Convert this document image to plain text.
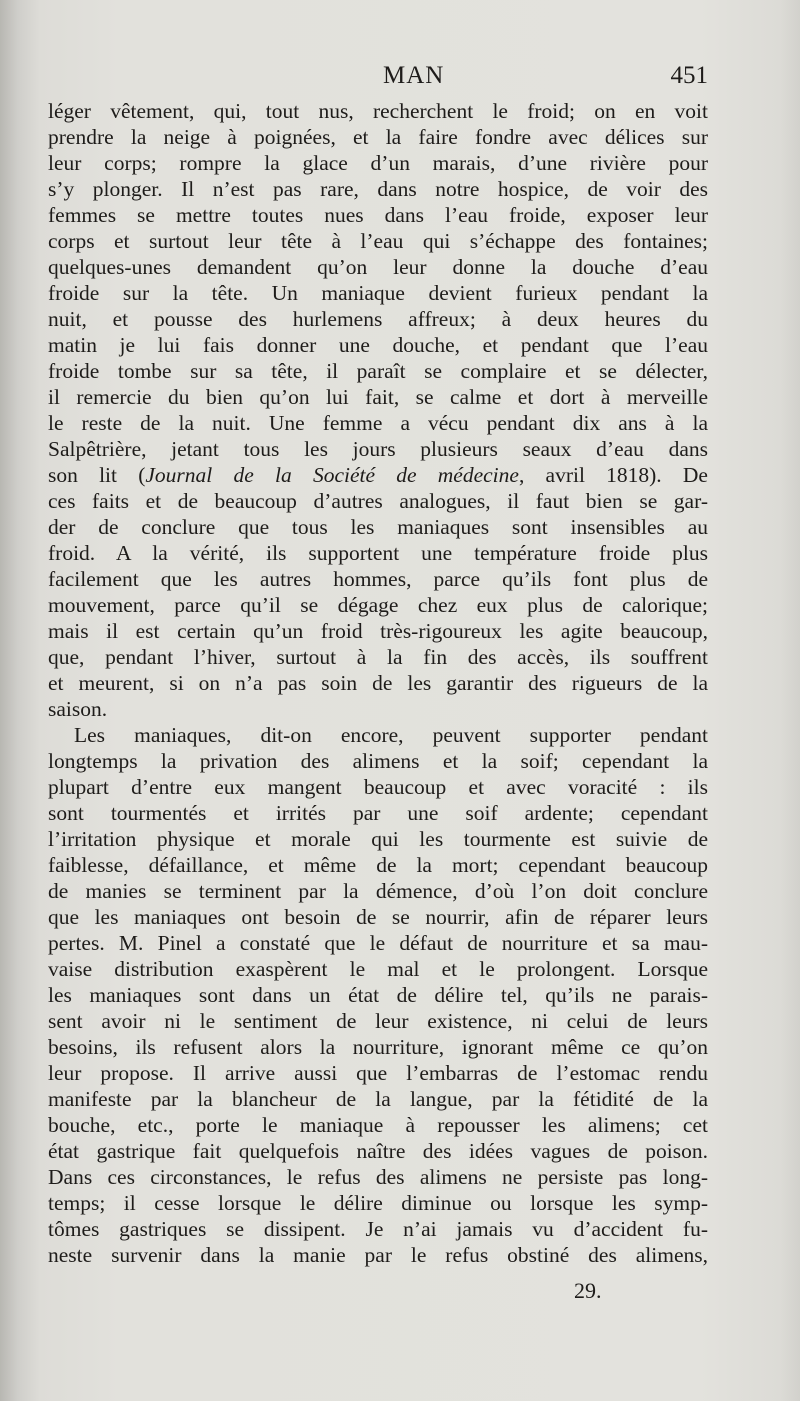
MAN	451
léger vêtement, qui, tout nus, recherchent le froid; on en voit
prendre la neige à poignées, et la faire fondre avec délices sur
leur corps; rompre la glace d’un marais, d’une rivière pour
s’y plonger. Il n’est pas rare, dans notre hospice, de voir des
femmes se mettre toutes nues dans l’eau froide, exposer leur
corps et surtout leur tête à l’eau qui s’échappe des fontaines;
quelques-unes demandent qu’on leur donne la douche d’eau
froide sur la tête. Un maniaque devient furieux pendant la
nuit, et pousse des hurlemens affreux; à deux heures du
matin je lui fais donner une douche, et pendant que l’eau
froide tombe sur sa tête, il paraît se complaire et se délecter,
il remercie du bien qu’on lui fait, se calme et dort à merveille
le reste de la nuit. Une femme a vécu pendant dix ans à la
Salpêtrière, jetant tous les jours plusieurs seaux d’eau dans
son lit (Journal de la Société de médecine, avril 1818). De
ces faits et de beaucoup d’autres analogues, il faut bien se gar-
der de conclure que tous les maniaques sont insensibles au
froid. A la vérité, ils supportent une température froide plus
facilement que les autres hommes, parce qu’ils font plus de
mouvement, parce qu’il se dégage chez eux plus de calorique;
mais il est certain qu’un froid très-rigoureux les agite beaucoup,
que, pendant l’hiver, surtout à la fin des accès, ils souffrent
et meurent, si on n’a pas soin de les garantir des rigueurs de la
saison.
Les maniaques, dit-on encore, peuvent supporter pendant
longtemps la privation des alimens et la soif; cependant la
plupart d’entre eux mangent beaucoup et avec voracité : ils
sont tourmentés et irrités par une soif ardente; cependant
l’irritation physique et morale qui les tourmente est suivie de
faiblesse, défaillance, et même de la mort; cependant beaucoup
de manies se terminent par la démence, d’où l’on doit conclure
que les maniaques ont besoin de se nourrir, afin de réparer leurs
pertes. M. Pinel a constaté que le défaut de nourriture et sa mau-
vaise distribution exaspèrent le mal et le prolongent. Lorsque
les maniaques sont dans un état de délire tel, qu’ils ne parais-
sent avoir ni le sentiment de leur existence, ni celui de leurs
besoins, ils refusent alors la nourriture, ignorant même ce qu’on
leur propose. Il arrive aussi que l’embarras de l’estomac rendu
manifeste par la blancheur de la langue, par la fétidité de la
bouche, etc., porte le maniaque à repousser les alimens; cet
état gastrique fait quelquefois naître des idées vagues de poison.
Dans ces circonstances, le refus des alimens ne persiste pas long-
temps; il cesse lorsque le délire diminue ou lorsque les symp-
tômes gastriques se dissipent. Je n’ai jamais vu d’accident fu-
neste survenir dans la manie par le refus obstiné des alimens,
29.
